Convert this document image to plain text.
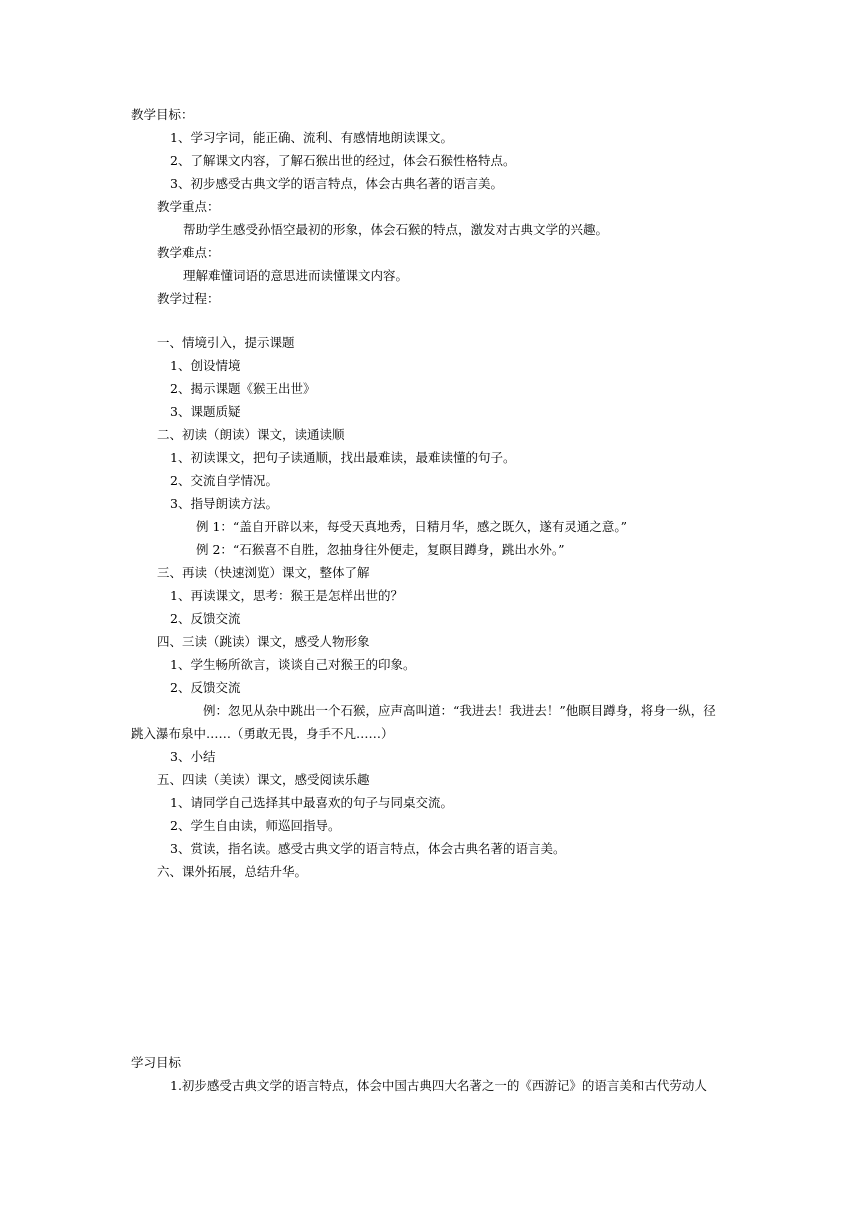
教学目标：
1、学习字词，能正确、流利、有感情地朗读课文。
2、了解课文内容，了解石猴出世的经过，体会石猴性格特点。
3、初步感受古典文学的语言特点，体会古典名著的语言美。
教学重点：
帮助学生感受孙悟空最初的形象，体会石猴的特点，激发对古典文学的兴趣。
教学难点：
理解难懂词语的意思进而读懂课文内容。
教学过程：
一、情境引入，提示课题
1、创设情境
2、揭示课题《猴王出世》
3、课题质疑
二、初读（朗读）课文，读通读顺
1、初读课文，把句子读通顺，找出最难读，最难读懂的句子。
2、交流自学情况。
3、指导朗读方法。
例 1：“盖自开辟以来，每受天真地秀，日精月华，感之既久，遂有灵通之意。”
例 2：“石猴喜不自胜，忽抽身往外便走，复瞑目蹲身，跳出水外。”
三、再读（快速浏览）课文，整体了解
1、再读课文，思考：猴王是怎样出世的？
2、反馈交流
四、三读（跳读）课文，感受人物形象
1、学生畅所欲言，谈谈自己对猴王的印象。
2、反馈交流
例：忽见从杂中跳出一个石猴，应声高叫道：“我进去！我进去！”他瞑目蹲身，将身一纵，径
跳入瀑布泉中……（勇敢无畏，身手不凡……）
3、小结
五、四读（美读）课文，感受阅读乐趣
1、请同学自己选择其中最喜欢的句子与同桌交流。
2、学生自由读，师巡回指导。
3、赏读，指名读。感受古典文学的语言特点，体会古典名著的语言美。
六、课外拓展，总结升华。
学习目标
1.初步感受古典文学的语言特点，体会中国古典四大名著之一的《西游记》的语言美和古代劳动人
